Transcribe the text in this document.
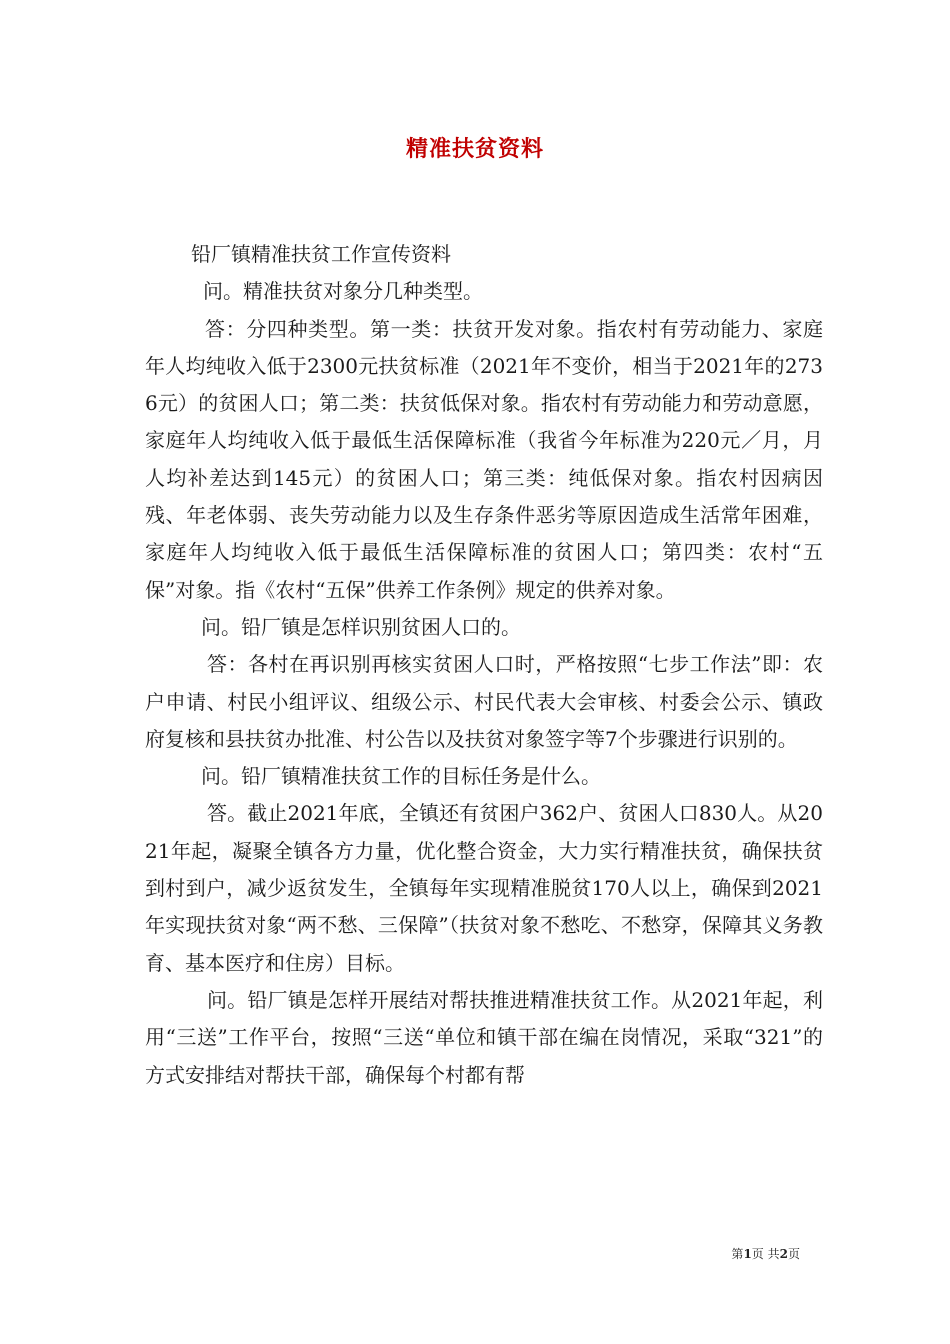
精准扶贫资料

铅厂镇精准扶贫工作宣传资料

问。精准扶贫对象分几种类型。

答：分四种类型。第一类：扶贫开发对象。指农村有劳动能力、家庭年人均纯收入低于2300元扶贫标准（2021年不变价，相当于2021年的2736元）的贫困人口；第二类：扶贫低保对象。指农村有劳动能力和劳动意愿，家庭年人均纯收入低于最低生活保障标准（我省今年标准为220元／月，月人均补差达到145元）的贫困人口；第三类：纯低保对象。指农村因病因残、年老体弱、丧失劳动能力以及生存条件恶劣等原因造成生活常年困难，家庭年人均纯收入低于最低生活保障标准的贫困人口；第四类：农村“五保”对象。指《农村“五保”供养工作条例》规定的供养对象。

问。铅厂镇是怎样识别贫困人口的。

答：各村在再识别再核实贫困人口时，严格按照“七步工作法”即：农户申请、村民小组评议、组级公示、村民代表大会审核、村委会公示、镇政府复核和县扶贫办批准、村公告以及扶贫对象签字等7个步骤进行识别的。

问。铅厂镇精准扶贫工作的目标任务是什么。

答。截止2021年底，全镇还有贫困户362户、贫困人口830人。从2021年起，凝聚全镇各方力量，优化整合资金，大力实行精准扶贫，确保扶贫到村到户，减少返贫发生，全镇每年实现精准脱贫170人以上，确保到2021年实现扶贫对象“两不愁、三保障”（扶贫对象不愁吃、不愁穿，保障其义务教育、基本医疗和住房）目标。

问。铅厂镇是怎样开展结对帮扶推进精准扶贫工作。从2021年起，利用“三送”工作平台，按照“三送“单位和镇干部在编在岗情况，采取“321”的方式安排结对帮扶干部，确保每个村都有帮

第1页 共2页
